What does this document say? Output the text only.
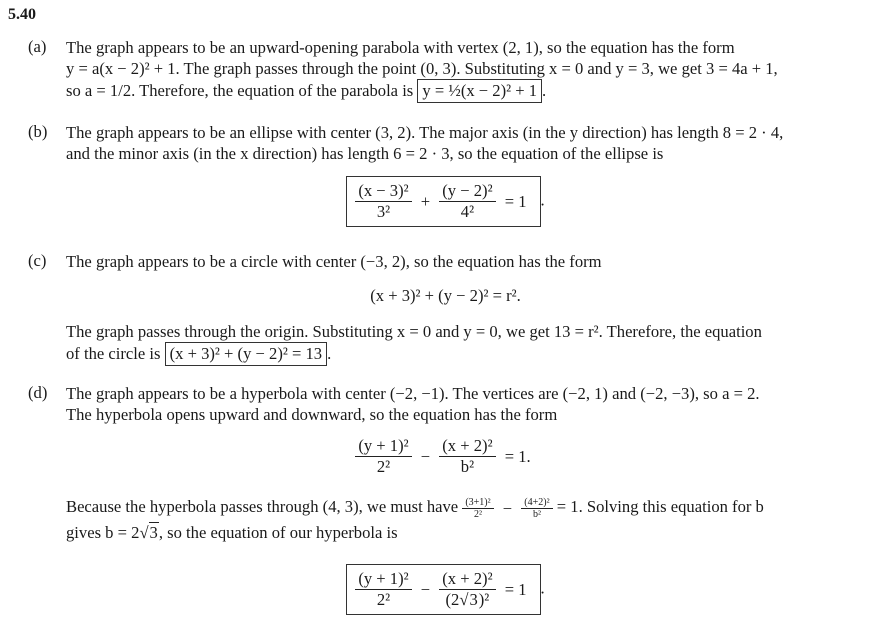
5.40
(a)	The graph appears to be an upward-opening parabola with vertex (2, 1), so the equation has the form
y = a(x − 2)² + 1. The graph passes through the point (0, 3). Substituting x = 0 and y = 3, we get 3 = 4a + 1,
so a = 1/2. Therefore, the equation of the parabola is y = ½(x − 2)² + 1 .
(b)	The graph appears to be an ellipse with center (3, 2). The major axis (in the y direction) has length 8 = 2 · 4,
and the minor axis (in the x direction) has length 6 = 2 · 3, so the equation of the ellipse is
$\frac{\text{(x − 3)²}}{\text{3²}} + \frac{\text{(y − 2)²}}{\text{4²}} = 1$ .
(c)	The graph appears to be a circle with center (−3, 2), so the equation has the form
(x + 3)² + (y − 2)² = r².
The graph passes through the origin. Substituting x = 0 and y = 0, we get 13 = r². Therefore, the equation
of the circle is (x + 3)² + (y − 2)² = 13 .
(d)	The graph appears to be a hyperbola with center (−2, −1). The vertices are (−2, 1) and (−2, −3), so a = 2.
The hyperbola opens upward and downward, so the equation has the form
$\frac{\text{(y + 1)²}}{\text{2²}} - \frac{\text{(x + 2)²}}{\text{b²}} = 1$.
Because the hyperbola passes through (4, 3), we must have $\frac{\text{(3+1)²}}{\text{2²}} - \frac{\text{(4+2)²}}{\text{b²}} = 1$. Solving this equation for b
gives b = 2√3, so the equation of our hyperbola is
$\frac{\text{(y + 1)²}}{\text{2²}} - \frac{\text{(x + 2)²}}{\text{(2√3)²}} = 1$ .
